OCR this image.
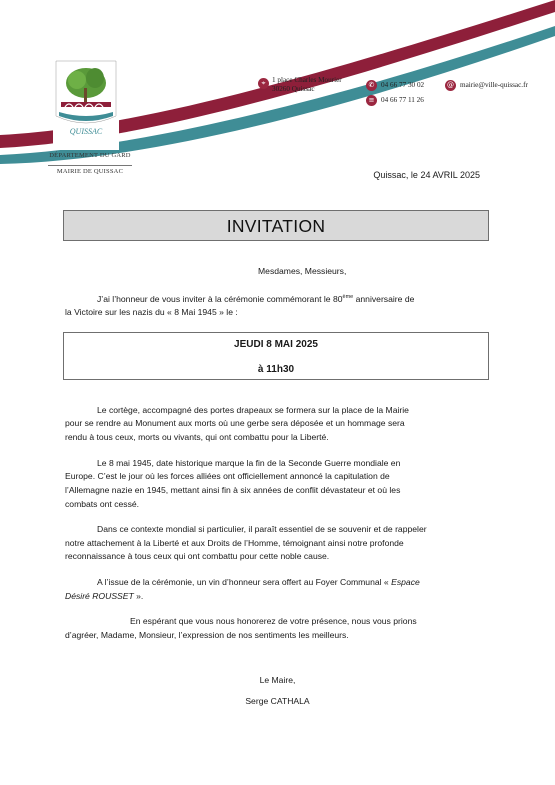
QUISSAC
DÉPARTEMENT DU GARD
MAIRIE DE QUISSAC
⌖ 1 place Charles Mourier
30260 Quissac	✆ 04 66 77 30 02
≡ 04 66 77 11 26
@ mairie@ville-quissac.fr
Quissac, le 24 AVRIL 2025
INVITATION
Mesdames, Messieurs,
J’ai l’honneur de vous inviter à la cérémonie commémorant le 80ème anniversaire de
la Victoire sur les nazis du « 8 Mai 1945 » le :
JEUDI 8 MAI 2025
à 11h30
Le cortège, accompagné des portes drapeaux se formera sur la place de la Mairie
pour se rendre au Monument aux morts où une gerbe sera déposée et un hommage sera
rendu à tous ceux, morts ou vivants, qui ont combattu pour la Liberté.
Le 8 mai 1945, date historique marque la fin de la Seconde Guerre mondiale en
Europe. C’est le jour où les forces alliées ont officiellement annoncé la capitulation de
l’Allemagne nazie en 1945, mettant ainsi fin à six années de conflit dévastateur et où les
combats ont cessé.
Dans ce contexte mondial si particulier, il paraît essentiel de se souvenir et de rappeler
notre attachement à la Liberté et aux Droits de l’Homme, témoignant ainsi notre profonde
reconnaissance à tous ceux qui ont combattu pour cette noble cause.
A l’issue de la cérémonie, un vin d’honneur sera offert au Foyer Communal « Espace
Désiré ROUSSET ».
En espérant que vous nous honorerez de votre présence, nous vous prions
d’agréer, Madame, Monsieur, l’expression de nos sentiments les meilleurs.
Le Maire,
Serge CATHALA
